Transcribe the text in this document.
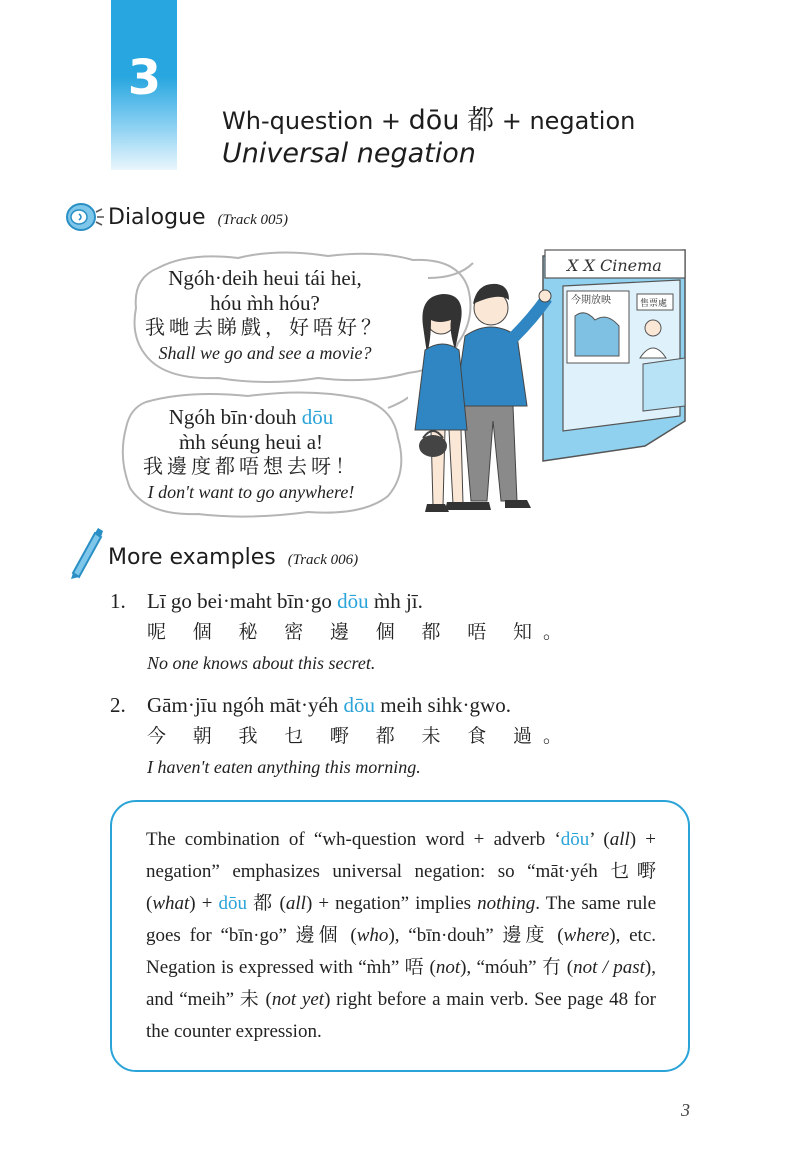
3
Wh-question + dōu 都 + negation
Universal negation
Dialogue (Track 005)
Ngóh·deih heui tái hei,
hóu m̀h hóu?
我哋去睇戲，好唔好？
Shall we go and see a movie?
Ngóh bīn·douh dōu
m̀h séung heui a!
我邊度都唔想去呀！
I don't want to go anywhere!
X X Cinema
今期放映	售票處
More examples (Track 006)
1. Lī go bei·maht bīn·go dōu m̀h jī.
呢 個 秘 密 邊 個 都 唔 知。
No one knows about this secret.
2. Gām·jīu ngóh māt·yéh dōu meih sihk·gwo.
今 朝 我 乜 嘢 都 未 食 過。
I haven't eaten anything this morning.
The combination of “wh-question word + adverb ‘dōu’ (all) + negation” emphasizes universal negation: so “māt·yéh 乜嘢 (what) + dōu 都 (all) + negation” implies nothing. The same rule goes for “bīn·go” 邊個 (who), “bīn·douh” 邊度 (where), etc. Negation is expressed with “m̀h” 唔 (not), “móuh” 冇 (not / past), and “meih” 未 (not yet) right before a main verb. See page 48 for the counter expression.
3
